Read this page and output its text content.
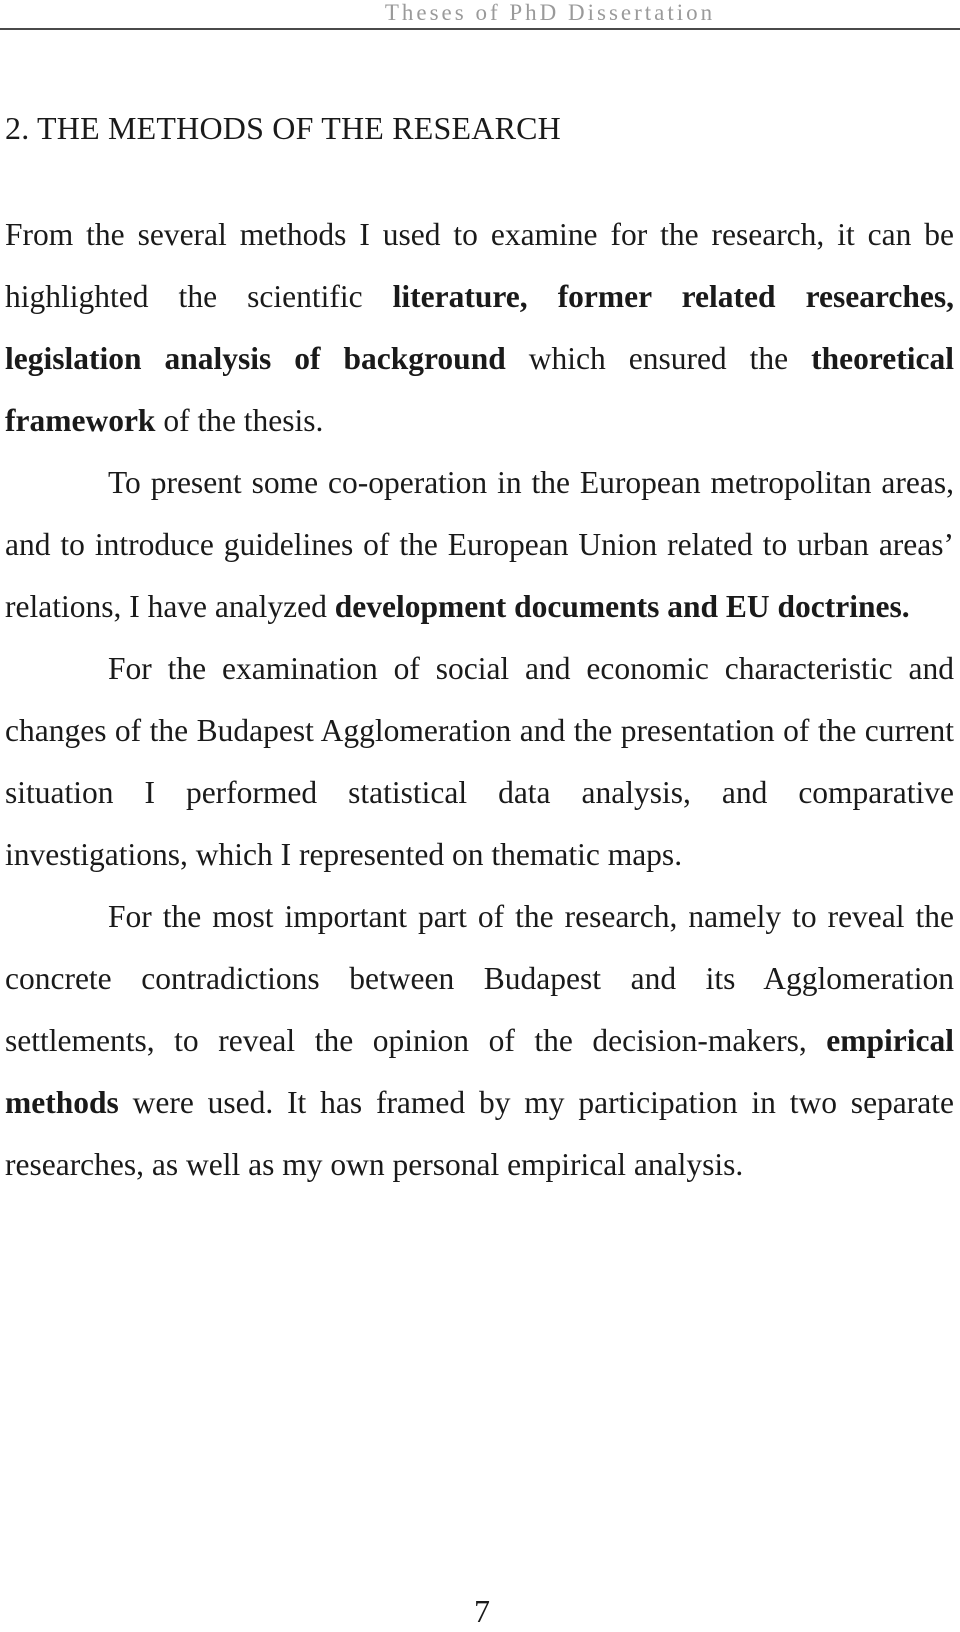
Theses of PhD Dissertation
2. THE METHODS OF THE RESEARCH

From the several methods I used to examine for the research, it can be highlighted the scientific literature, former related researches, legislation analysis of background which ensured the theoretical framework of the thesis.

To present some co-operation in the European metropolitan areas, and to introduce guidelines of the European Union related to urban areas’ relations, I have analyzed development documents and EU doctrines.

For the examination of social and economic characteristic and changes of the Budapest Agglomeration and the presentation of the current situation I performed statistical data analysis, and comparative investigations, which I represented on thematic maps.

For the most important part of the research, namely to reveal the concrete contradictions between Budapest and its Agglomeration settlements, to reveal the opinion of the decision-makers, empirical methods were used. It has framed by my participation in two separate researches, as well as my own personal empirical analysis.

7
